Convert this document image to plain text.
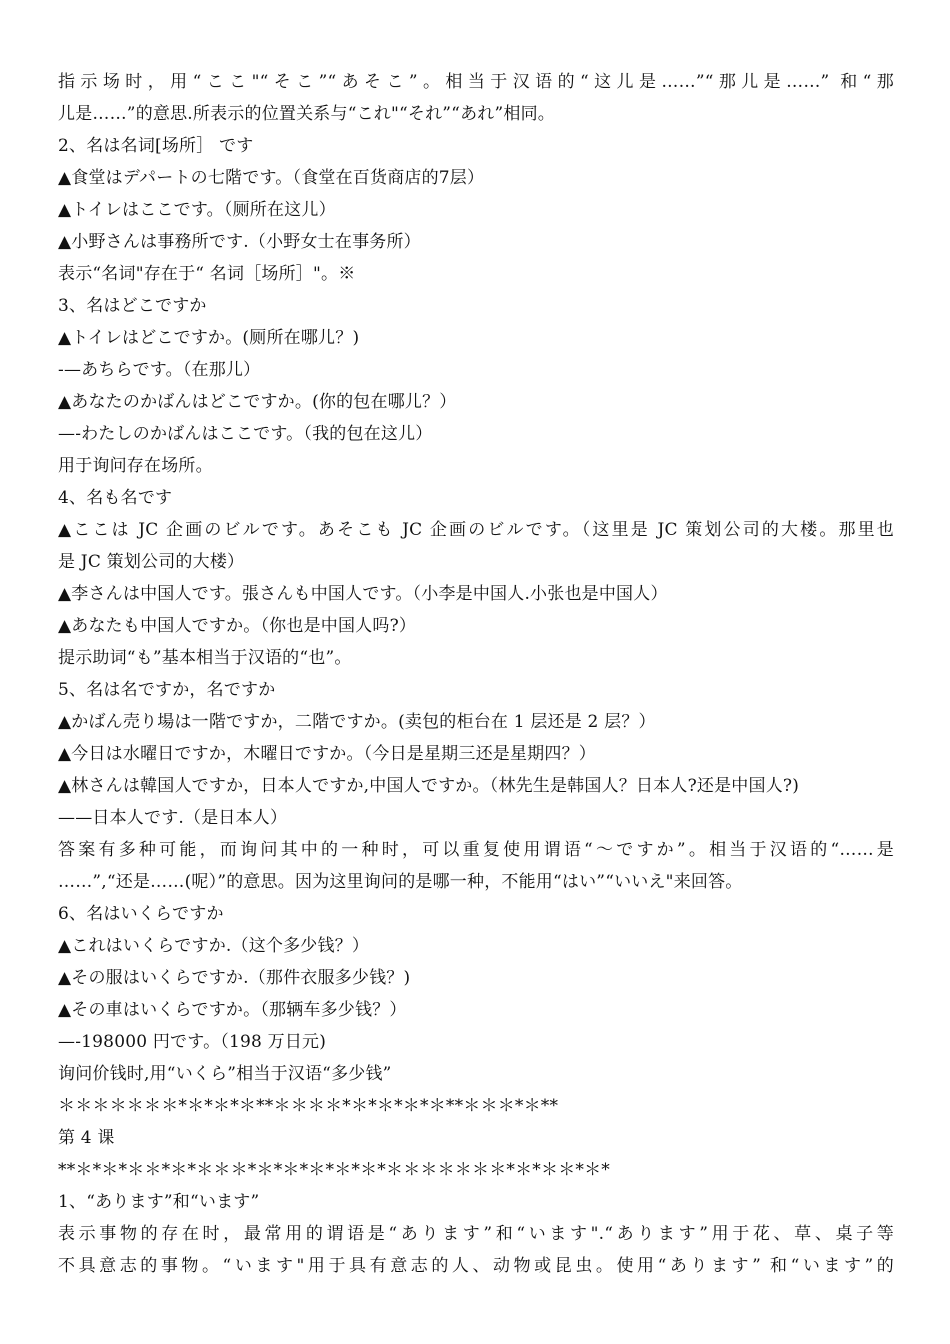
指示场时，用“ここ"“そこ”“あそこ”。相当于汉语的“这儿是……”“那儿是……” 和“那
儿是……”的意思.所表示的位置关系与“これ"“それ”“あれ”相同。
2、名は名词[场所］ です
▲食堂はデパートの七階です。（食堂在百货商店的7层）
▲トイレはここです。（厕所在这儿）
▲小野さんは事務所です.（小野女士在事务所）
表示“名词"存在于“ 名词［场所］"。※
3、名はどこですか
▲トイレはどこですか。(厕所在哪儿？)
-—あちらです。（在那儿）
▲あなたのかばんはどこですか。(你的包在哪儿？）
—-わたしのかばんはここです。（我的包在这儿）
用于询问存在场所。
4、名も名です
▲ここは JC 企画のビルです。あそこも JC 企画のビルです。（这里是 JC 策划公司的大楼。那里也
是 JC 策划公司的大楼）
▲李さんは中国人です。張さんも中国人です。（小李是中国人.小张也是中国人）
▲あなたも中国人ですか。（你也是中国人吗?）
提示助词“も”基本相当于汉语的“也”。
5、名は名ですか，名ですか
▲かばん売り場は一階ですか，二階ですか。(卖包的柜台在 1 层还是 2 层？）
▲今日は水曜日ですか，木曜日ですか。（今日是星期三还是星期四？）
▲林さんは韓国人ですか，日本人ですか,中国人ですか。（林先生是韩国人？日本人?还是中国人?)
——日本人です.（是日本人）
答案有多种可能，而询问其中的一种时，可以重复使用谓语“～ですか”。相当于汉语的“……是
……”,“还是……(呢）”的意思。因为这里询问的是哪一种，不能用“はい”“いいえ"来回答。
6、名はいくらですか
▲これはいくらですか.（这个多少钱？）
▲その服はいくらですか.（那件衣服多少钱？)
▲その車はいくらですか。（那辆车多少钱？）
—-198000 円です。（198 万日元)
询问价钱时,用“いくら”相当于汉语“多少钱”
＊＊＊＊＊＊＊*＊*＊*＊**＊＊＊＊*＊*＊*＊*＊**＊＊＊*＊**
第 4 课
**＊*＊*＊＊*＊*＊＊＊*＊*＊*＊*＊*＊*＊＊＊＊＊＊＊*＊*＊＊*＊*
1、“あります”和“います”
表示事物的存在时，最常用的谓语是“あります”和“います".“あります”用于花、草、桌子等
不具意志的事物。“います"用于具有意志的人、动物或昆虫。使用“あります” 和“います”的
